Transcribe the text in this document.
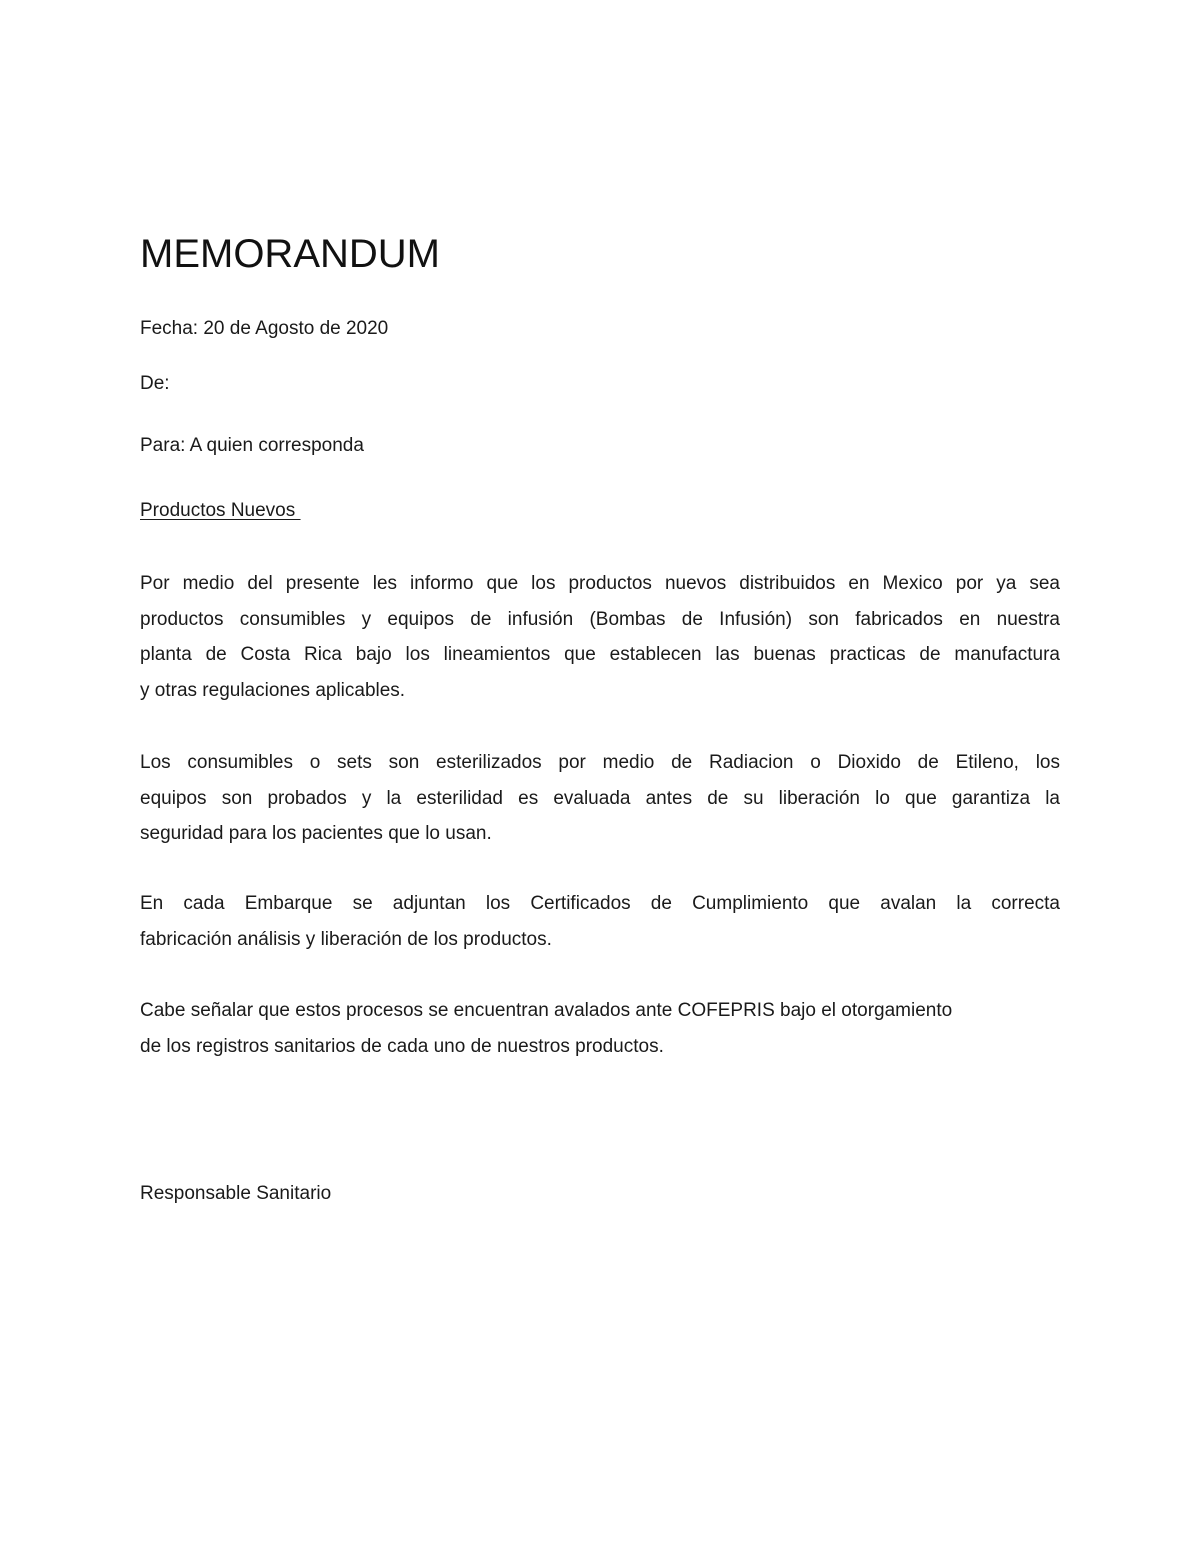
MEMORANDUM

Fecha: 20 de Agosto de 2020

De:

Para: A quien corresponda

Productos Nuevos

Por medio del presente les informo que los productos nuevos distribuidos en Mexico por ya sea
productos consumibles y equipos de infusión (Bombas de Infusión) son fabricados en nuestra
planta de Costa Rica bajo los lineamientos que establecen las buenas practicas de manufactura
y otras regulaciones aplicables.
Los consumibles o sets son esterilizados por medio de Radiacion o Dioxido de Etileno, los
equipos son probados y la esterilidad es evaluada antes de su liberación lo que garantiza la
seguridad para los pacientes que lo usan.
En cada Embarque se adjuntan los Certificados de Cumplimiento que avalan la correcta
fabricación análisis y liberación de los productos.
Cabe señalar que estos procesos se encuentran avalados ante COFEPRIS bajo el otorgamiento
de los registros sanitarios de cada uno de nuestros productos.

Responsable Sanitario
